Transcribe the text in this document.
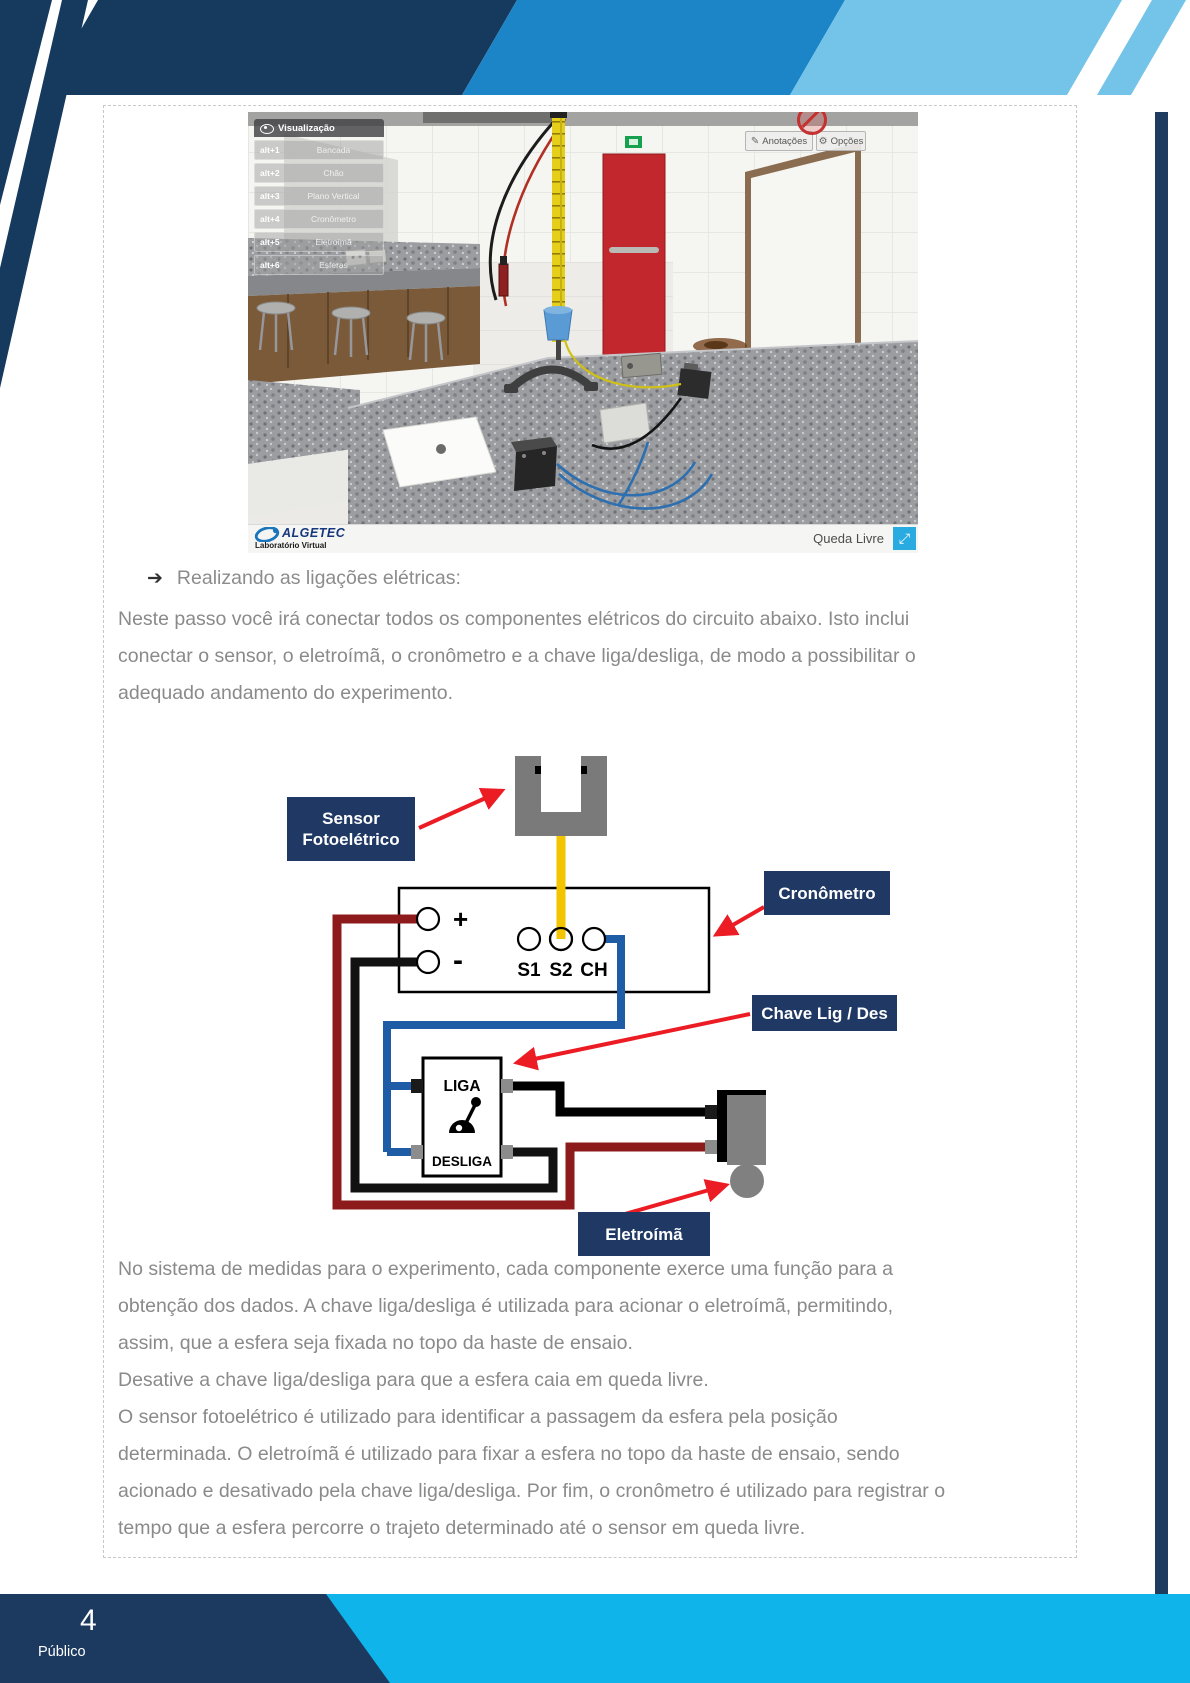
Visualização
alt+1	Bancada
alt+2	Chão
alt+3	Plano Vertical
alt+4	Cronômetro
alt+5	Eletroímã
alt+6	Esferas
✎ Anotações ⚙ Opções
ALGETEC
Laboratório Virtual	Queda Livre ⤢
➔ Realizando as ligações elétricas:
Neste passo você irá conectar todos os componentes elétricos do circuito abaixo. Isto inclui
conectar o sensor, o eletroímã, o cronômetro e a chave liga/desliga, de modo a possibilitar o
adequado andamento do experimento.
+
-	S1 S2 CH
LIGA
DESLIGA
Sensor Fotoelétrico
Cronômetro
Chave Lig / Des
Eletroímã
No sistema de medidas para o experimento, cada componente exerce uma função para a
obtenção dos dados. A chave liga/desliga é utilizada para acionar o eletroímã, permitindo,
assim, que a esfera seja fixada no topo da haste de ensaio.
Desative a chave liga/desliga para que a esfera caia em queda livre.
O sensor fotoelétrico é utilizado para identificar a passagem da esfera pela posição
determinada. O eletroímã é utilizado para fixar a esfera no topo da haste de ensaio, sendo
acionado e desativado pela chave liga/desliga. Por fim, o cronômetro é utilizado para registrar o
tempo que a esfera percorre o trajeto determinado até o sensor em queda livre.
4
Público
